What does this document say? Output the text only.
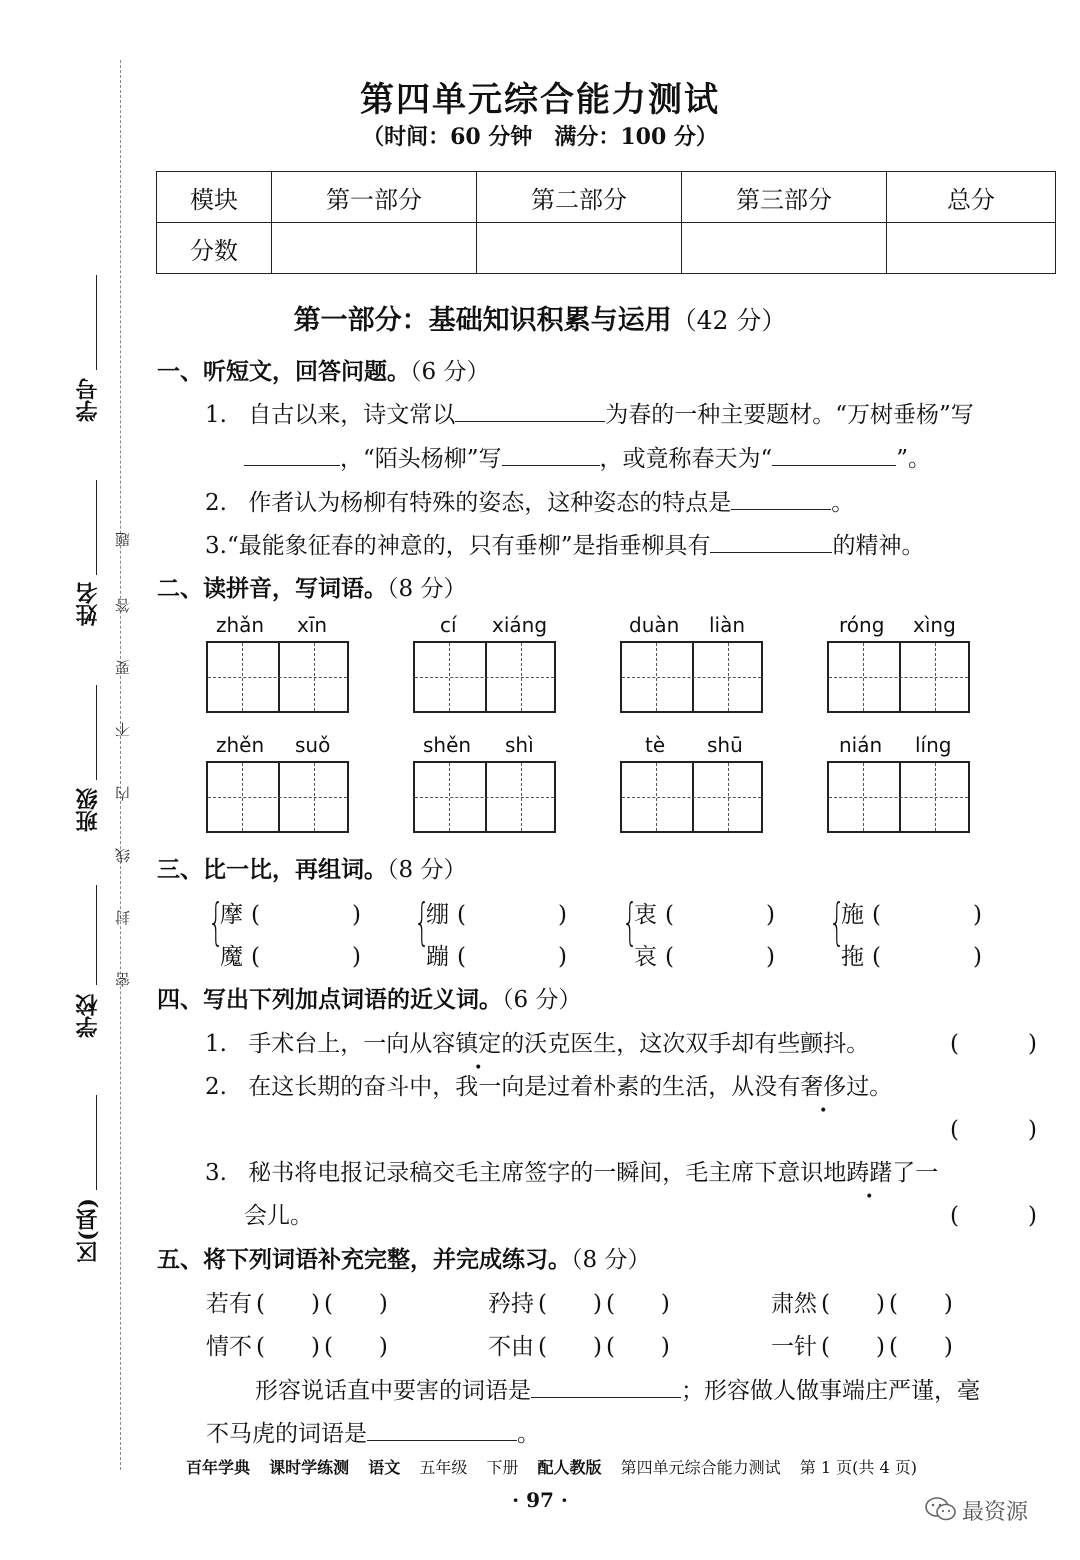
学号
姓名
班级
学校
区(县)
题
答
要
不
内
线
封
密
第四单元综合能力测试
（时间：60 分钟　满分：100 分）
模块	第一部分	第二部分	第三部分	总分
分数				
第一部分：基础知识积累与运用（42 分）
一、听短文，回答问题。（6 分）
1. 自古以来，诗文常以	为春的一种主要题材。“万树垂杨”写
，“陌头杨柳”写	，或竟称春天为“	”。
2. 作者认为杨柳有特殊的姿态，这种姿态的特点是	。
3.“最能象征春的神意的，只有垂柳”是指垂柳具有	的精神。
二、读拼音，写词语。（8 分）
zhǎn xīn	cí xiáng	duàn liàn	róng xìng
zhěn suǒ	shěn shì	tè shū	nián líng
三、比一比，再组词。（8 分）
{
摩 (　　　　)
魔 (　　　　)
{
绷 (　　　　)
蹦 (　　　　)
{
衷 (　　　　)
哀 (　　　　)
{
施 (　　　　)
拖 (　　　　)
四、写出下列加点词语的近义词。（6 分）
1. 手术台上，一向从容镇定的沃克医生，这次双手却有些颤抖。	(　　　)
2. 在这长期的奋斗中，我一向是过着朴素的生活，从没有奢侈过。
(　　　)
3. 秘书将电报记录稿交毛主席签字的一瞬间，毛主席下意识地踌躇了一
会儿。	(　　　)
五、将下列词语补充完整，并完成练习。（8 分）
若有 (　　) (　　)	矜持 (　　) (　　)	肃然 (　　) (　　)
情不 (　　) (　　)	不由 (　　) (　　)	一针 (　　) (　　)
形容说话直中要害的词语是	；形容做人做事端庄严谨，毫
不马虎的词语是	。
百年学典 课时学练测 语文 五年级 下册 配人教版 第四单元综合能力测试 第 1 页(共 4 页)
· 97 ·	最资源
